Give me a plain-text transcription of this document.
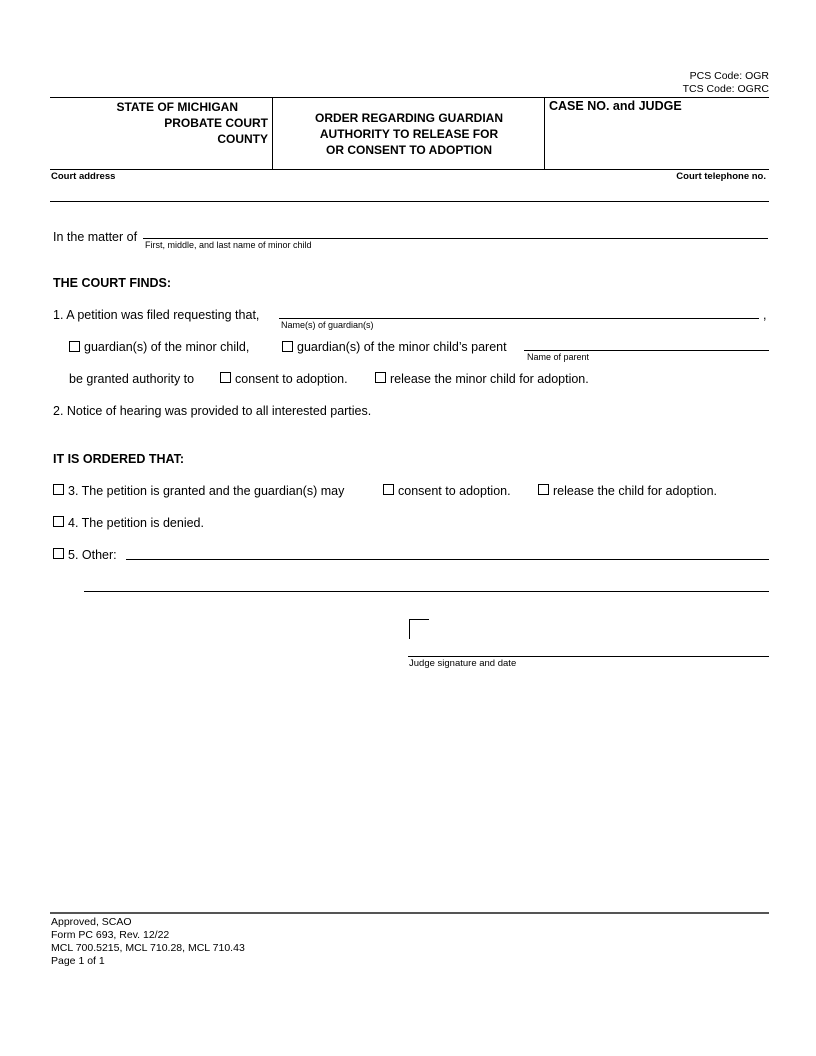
PCS Code: OGR
TCS Code: OGRC
STATE OF MICHIGAN
PROBATE COURT
COUNTY
ORDER REGARDING GUARDIAN
AUTHORITY TO RELEASE FOR
OR CONSENT TO ADOPTION
CASE NO. and JUDGE
Court address	Court telephone no.
In the matter of
First, middle, and last name of minor child
THE COURT FINDS:
1. A petition was filed requesting that,	,
Name(s) of guardian(s)
guardian(s) of the minor child,	guardian(s) of the minor child’s parent
Name of parent
be granted authority to	consent to adoption.	release the minor child for adoption.
2. Notice of hearing was provided to all interested parties.
IT IS ORDERED THAT:
3. The petition is granted and the guardian(s) may	consent to adoption.	release the child for adoption.
4. The petition is denied.
5. Other:
Judge signature and date
Approved, SCAO
Form PC 693, Rev. 12/22
MCL 700.5215, MCL 710.28, MCL 710.43
Page 1 of 1
